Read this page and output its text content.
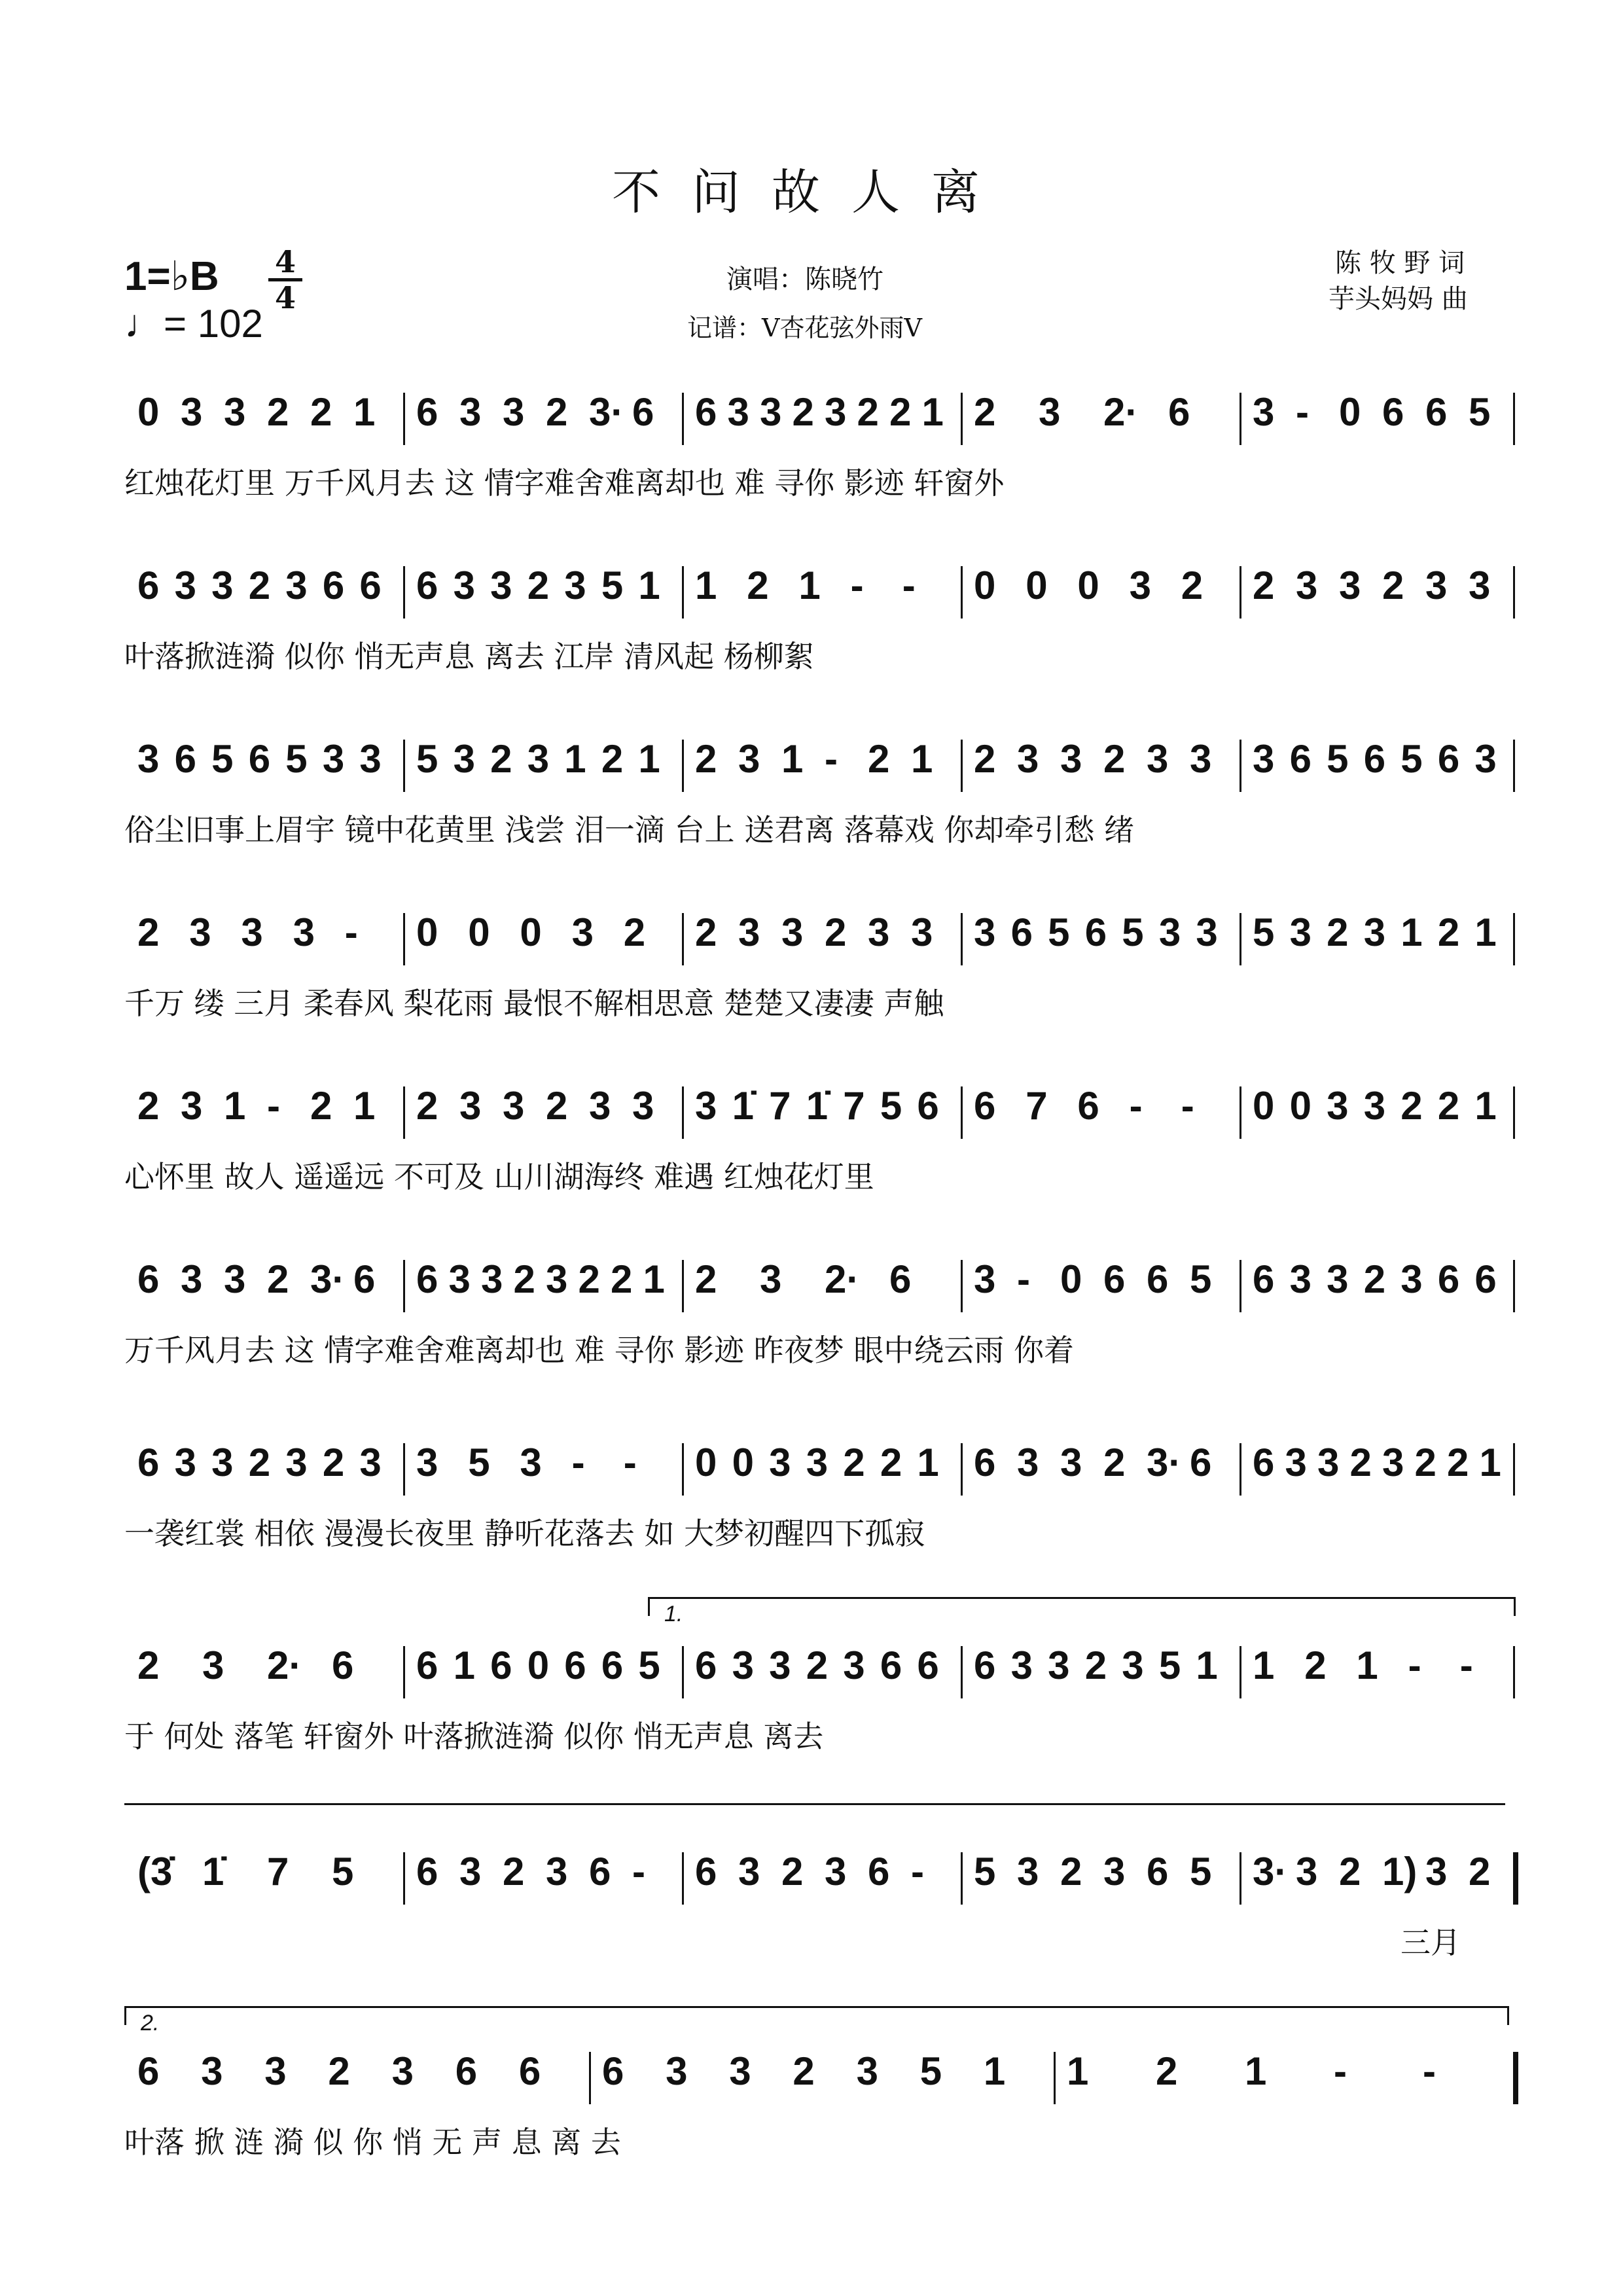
不问故人离
1=♭B 4
4
♩= 102
演唱：陈晓竹
记谱：V杏花弦外雨V
陈 牧 野 词
芋头妈妈 曲
0 3 3 2 2 1 6 3 3 2 3· 6 6 3 3 2 3 2 2 1 2 3 2· 6 3 - 0 6 6 5
红烛花灯里 万千风月去 这 情字难舍难离却也 难 寻你 影迹 轩窗外
6 3 3 2 3 6 6 6 3 3 2 3 5 1 1 2 1 - - 0 0 0 3 2 2 3 3 2 3 3
叶落掀涟漪 似你 悄无声息 离去 江岸 清风起 杨柳絮
3 6 5 6 5 3 3 5 3 2 3 1 2 1 2 3 1 - 2 1 2 3 3 2 3 3 3 6 5 6 5 6 3
俗尘旧事上眉宇 镜中花黄里 浅尝 泪一滴 台上 送君离 落幕戏 你却牵引愁 绪
2 3 3 3 - 0 0 0 3 2 2 3 3 2 3 3 3 6 5 6 5 3 3 5 3 2 3 1 2 1
千万 缕 三月 柔春风 梨花雨 最恨不解相思意 楚楚又凄凄 声触
2 3 1 - 2 1 2 3 3 2 3 3 3 1̇ 7 1̇ 7 5 6 6 7 6 - - 0 0 3 3 2 2 1
心怀里 故人 遥遥远 不可及 山川湖海终 难遇 红烛花灯里
6 3 3 2 3· 6 6 3 3 2 3 2 2 1 2 3 2· 6 3 - 0 6 6 5 6 3 3 2 3 6 6
万千风月去 这 情字难舍难离却也 难 寻你 影迹 昨夜梦 眼中绕云雨 你着
6 3 3 2 3 2 3 3 5 3 - - 0 0 3 3 2 2 1 6 3 3 2 3· 6 6 3 3 2 3 2 2 1
一袭红裳 相依 漫漫长夜里 静听花落去 如 大梦初醒四下孤寂
1.
2 3 2· 6 6 1 6 0 6 6 5 6 3 3 2 3 6 6 6 3 3 2 3 5 1 1 2 1 - -
于 何处 落笔 轩窗外 叶落掀涟漪 似你 悄无声息 离去
(3̇ 1̇ 7 5 6 3 2 3 6 - 6 3 2 3 6 - 5 3 2 3 6 5 3· 3 2 1) 3 2
三月
2.
6 3 3 2 3 6 6 6 3 3 2 3 5 1 1 2 1 - -
叶落 掀 涟 漪 似 你 悄 无 声 息 离 去
